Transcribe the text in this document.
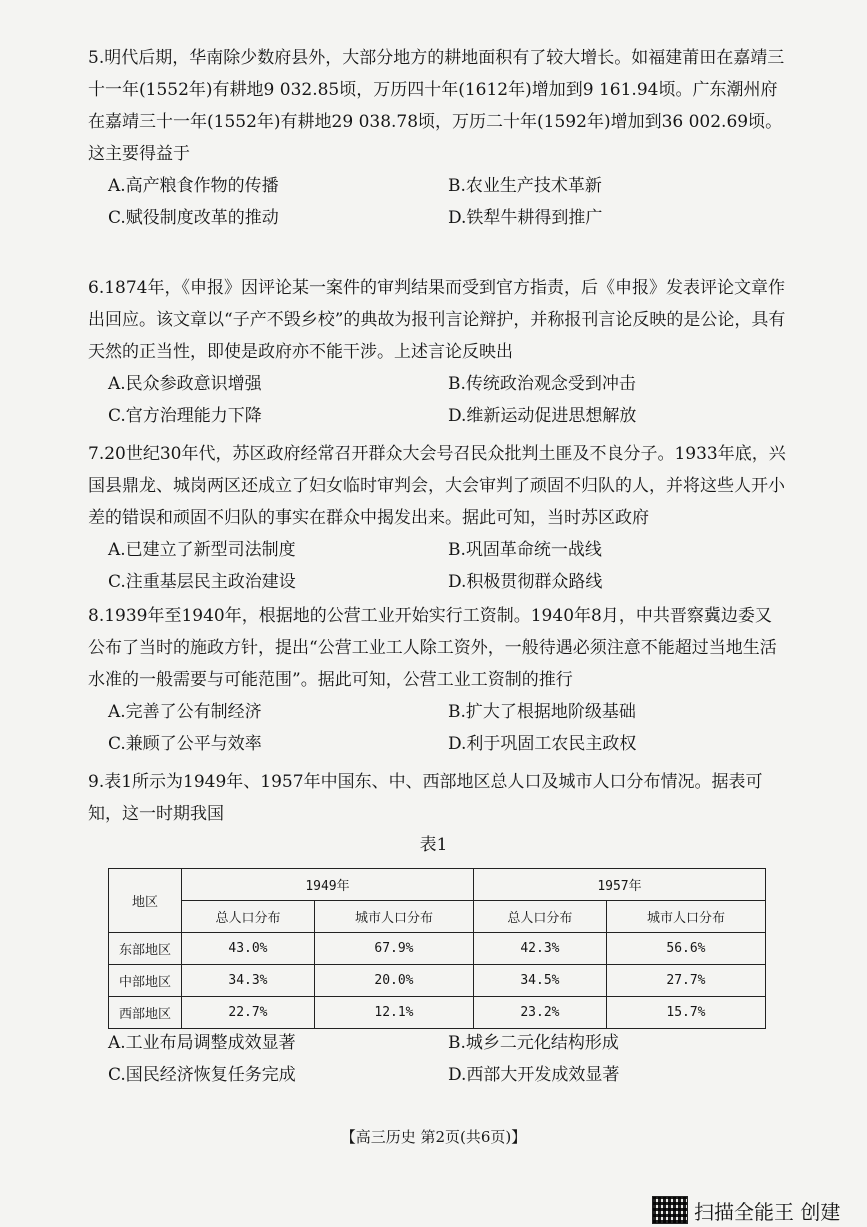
5.明代后期，华南除少数府县外，大部分地方的耕地面积有了较大增长。如福建莆田在嘉靖三十一年(1552年)有耕地9 032.85顷，万历四十年(1612年)增加到9 161.94顷。广东潮州府在嘉靖三十一年(1552年)有耕地29 038.78顷，万历二十年(1592年)增加到36 002.69顷。这主要得益于

A.高产粮食作物的传播	B.农业生产技术革新
C.赋役制度改革的推动	D.铁犁牛耕得到推广

6.1874年，《申报》因评论某一案件的审判结果而受到官方指责，后《申报》发表评论文章作出回应。该文章以“子产不毁乡校”的典故为报刊言论辩护，并称报刊言论反映的是公论，具有天然的正当性，即使是政府亦不能干涉。上述言论反映出

A.民众参政意识增强	B.传统政治观念受到冲击
C.官方治理能力下降	D.维新运动促进思想解放

7.20世纪30年代，苏区政府经常召开群众大会号召民众批判土匪及不良分子。1933年底，兴国县鼎龙、城岗两区还成立了妇女临时审判会，大会审判了顽固不归队的人，并将这些人开小差的错误和顽固不归队的事实在群众中揭发出来。据此可知，当时苏区政府

A.已建立了新型司法制度	B.巩固革命统一战线
C.注重基层民主政治建设	D.积极贯彻群众路线

8.1939年至1940年，根据地的公营工业开始实行工资制。1940年8月，中共晋察冀边委又公布了当时的施政方针，提出“公营工业工人除工资外，一般待遇必须注意不能超过当地生活水准的一般需要与可能范围”。据此可知，公营工业工资制的推行

A.完善了公有制经济	B.扩大了根据地阶级基础
C.兼顾了公平与效率	D.利于巩固工农民主政权

9.表1所示为1949年、1957年中国东、中、西部地区总人口及城市人口分布情况。据表可知，这一时期我国

表1
地区	1949年		1957年	
	总人口分布	城市人口分布	总人口分布	城市人口分布
东部地区	43.0%	67.9%	42.3%	56.6%
中部地区	34.3%	20.0%	34.5%	27.7%
西部地区	22.7%	12.1%	23.2%	15.7%
A.工业布局调整成效显著	B.城乡二元化结构形成
C.国民经济恢复任务完成	D.西部大开发成效显著
【高三历史 第2页(共6页)】
扫描全能王 创建
